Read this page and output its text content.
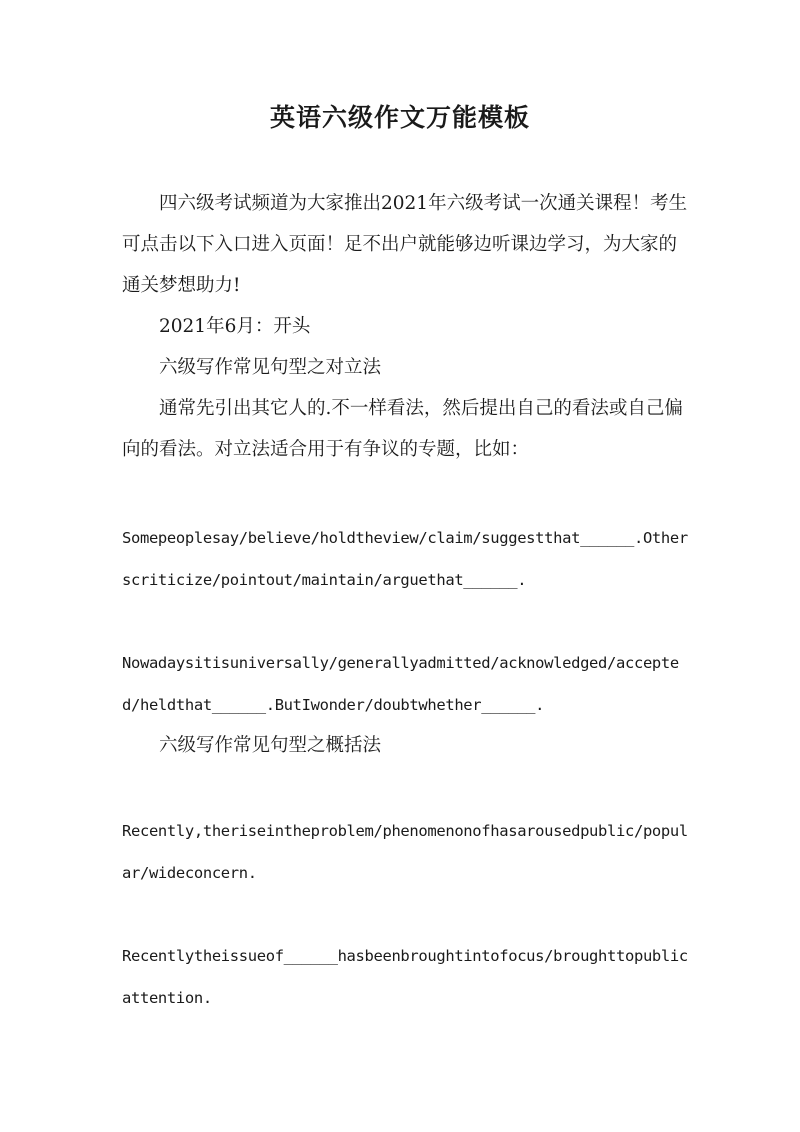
英语六级作文万能模板

四六级考试频道为大家推出2021年六级考试一次通关课程！考生可点击以下入口进入页面！足不出户就能够边听课边学习，为大家的通关梦想助力!

2021年6月：开头

六级写作常见句型之对立法

通常先引出其它人的.不一样看法，然后提出自己的看法或自己偏向的看法。对立法适合用于有争议的专题，比如：

Somepeoplesay/believe/holdtheview/claim/suggestthat______.Otherscriticize/pointout/maintain/arguethat______.

Nowadaysitisuniversally/generallyadmitted/acknowledged/accepted/heldthat______.ButIwonder/doubtwhether______.

六级写作常见句型之概括法

Recently,theriseintheproblem/phenomenonofhasarousedpublic/popular/wideconcern.

Recentlytheissueof______hasbeenbroughtintofocus/broughttopublicattention.
